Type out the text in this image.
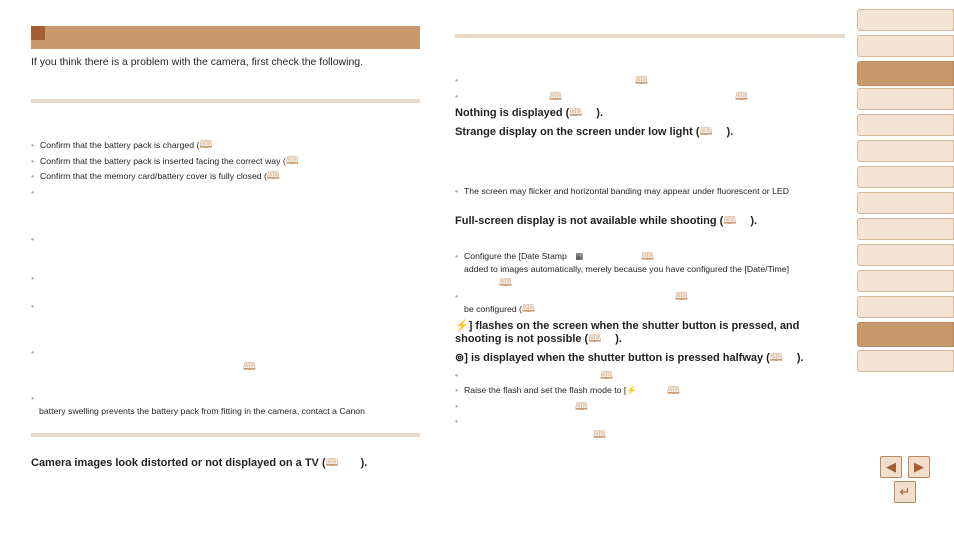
If you think there is a problem with the camera, first check the following.
• Confirm that the battery pack is charged (🕮
• Confirm that the battery pack is inserted facing the correct way (🕮
• Confirm that the memory card/battery cover is fully closed (🕮
•
•
•
•
•
🕮
•
battery swelling prevents the battery pack from fitting in the camera, contact a Canon
Camera images look distorted or not displayed on a TV (🕮 ).
•	🕮
•	🕮	🕮
Nothing is displayed (🕮 ).
Strange display on the screen under low light (🕮 ).
• The screen may flicker and horizontal banding may appear under fluorescent or LED
Full-screen display is not available while shooting (🕮 ).
• Configure the [Date Stamp ▦	🕮
added to images automatically, merely because you have configured the [Date/Time]
🕮
•	🕮
be configured (🕮
⚡] flashes on the screen when the shutter button is pressed, and
shooting is not possible (🕮 ).
⊚] is displayed when the shutter button is pressed halfway (🕮 ).
•	🕮
• Raise the flash and set the flash mode to [⚡	🕮
•	🕮
•
🕮
◀ ▶
↵
